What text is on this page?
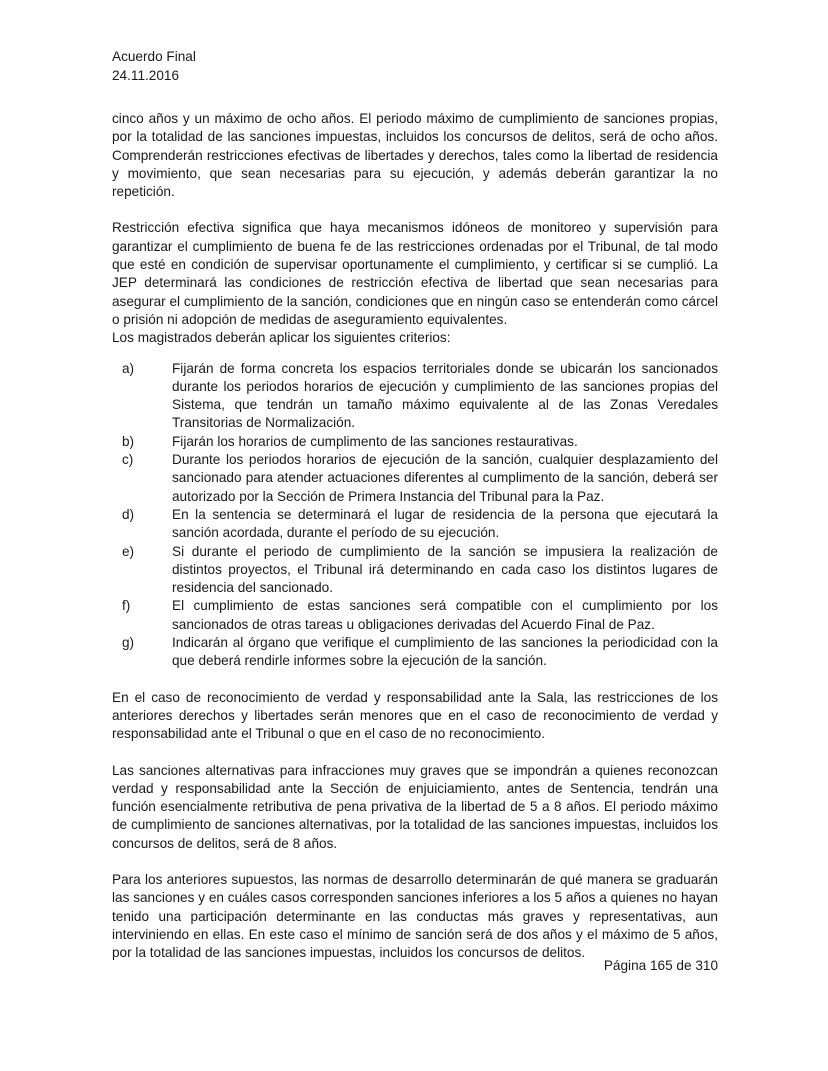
Acuerdo Final
24.11.2016

cinco años y un máximo de ocho años. El periodo máximo de cumplimiento de sanciones propias, por la totalidad de las sanciones impuestas, incluidos los concursos de delitos, será de ocho años. Comprenderán restricciones efectivas de libertades y derechos, tales como la libertad de residencia y movimiento, que sean necesarias para su ejecución, y además deberán garantizar la no repetición.

Restricción efectiva significa que haya mecanismos idóneos de monitoreo y supervisión para garantizar el cumplimiento de buena fe de las restricciones ordenadas por el Tribunal, de tal modo que esté en condición de supervisar oportunamente el cumplimiento, y certificar si se cumplió. La JEP determinará las condiciones de restricción efectiva de libertad que sean necesarias para asegurar el cumplimiento de la sanción, condiciones que en ningún caso se entenderán como cárcel o prisión ni adopción de medidas de aseguramiento equivalentes.

Los magistrados deberán aplicar los siguientes criterios:

a)	Fijarán de forma concreta los espacios territoriales donde se ubicarán los sancionados durante los periodos horarios de ejecución y cumplimiento de las sanciones propias del Sistema, que tendrán un tamaño máximo equivalente al de las Zonas Veredales Transitorias de Normalización.
b)	Fijarán los horarios de cumplimento de las sanciones restaurativas.
c)	Durante los periodos horarios de ejecución de la sanción, cualquier desplazamiento del sancionado para atender actuaciones diferentes al cumplimento de la sanción, deberá ser autorizado por la Sección de Primera Instancia del Tribunal para la Paz.
d)	En la sentencia se determinará el lugar de residencia de la persona que ejecutará la sanción acordada, durante el período de su ejecución.
e)	Si durante el periodo de cumplimiento de la sanción se impusiera la realización de distintos proyectos, el Tribunal irá determinando en cada caso los distintos lugares de residencia del sancionado.
f)	El cumplimiento de estas sanciones será compatible con el cumplimiento por los sancionados de otras tareas u obligaciones derivadas del Acuerdo Final de Paz.
g)	Indicarán al órgano que verifique el cumplimiento de las sanciones la periodicidad con la que deberá rendirle informes sobre la ejecución de la sanción.

En el caso de reconocimiento de verdad y responsabilidad ante la Sala, las restricciones de los anteriores derechos y libertades serán menores que en el caso de reconocimiento de verdad y responsabilidad ante el Tribunal o que en el caso de no reconocimiento.

Las sanciones alternativas para infracciones muy graves que se impondrán a quienes reconozcan verdad y responsabilidad ante la Sección de enjuiciamiento, antes de Sentencia, tendrán una función esencialmente retributiva de pena privativa de la libertad de 5 a 8 años. El periodo máximo de cumplimiento de sanciones alternativas, por la totalidad de las sanciones impuestas, incluidos los concursos de delitos, será de 8 años.

Para los anteriores supuestos, las normas de desarrollo determinarán de qué manera se graduarán las sanciones y en cuáles casos corresponden sanciones inferiores a los 5 años a quienes no hayan tenido una participación determinante en las conductas más graves y representativas, aun interviniendo en ellas. En este caso el mínimo de sanción será de dos años y el máximo de 5 años, por la totalidad de las sanciones impuestas, incluidos los concursos de delitos.

Página 165 de 310
